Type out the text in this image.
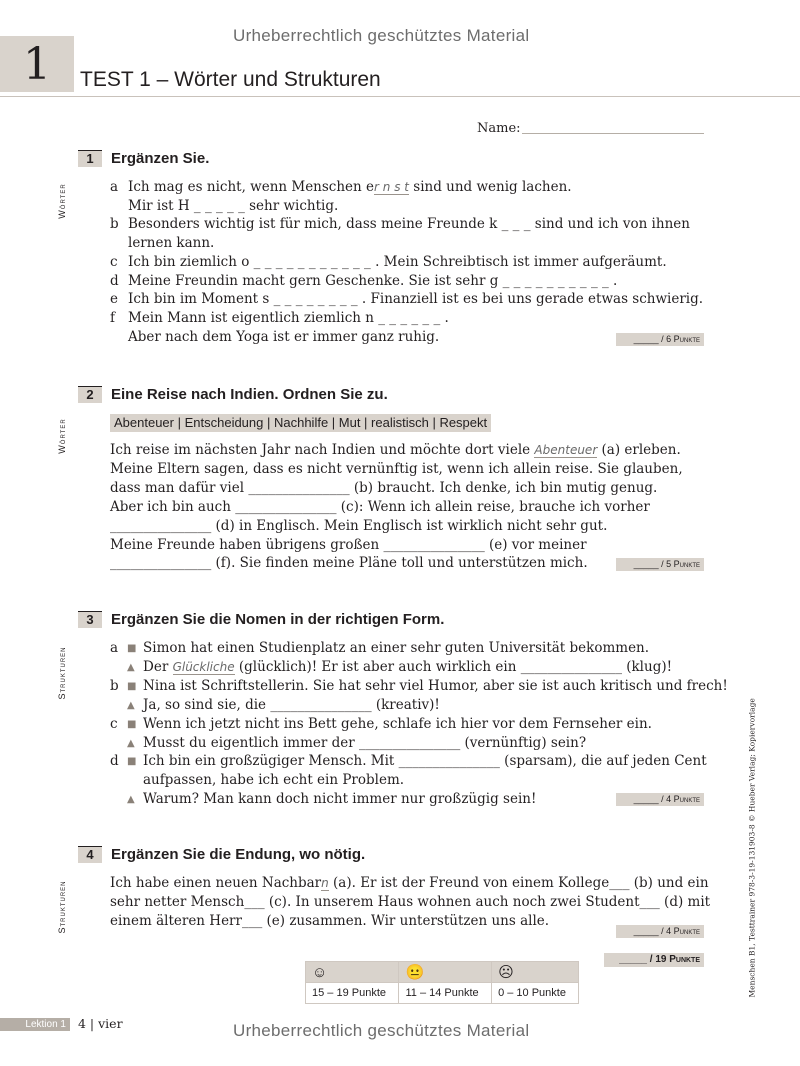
Urheberrechtlich geschütztes Material
1	TEST 1 – Wörter und Strukturen
Name:
Wörter
Wörter
Strukturen
Strukturen
1	Ergänzen Sie.
a Ich mag es nicht, wenn Menschen er n s t sind und wenig lachen.
Mir ist H _ _ _ _ _ sehr wichtig.
b Besonders wichtig ist für mich, dass meine Freunde k _ _ _ sind und ich von ihnen
lernen kann.
c Ich bin ziemlich o _ _ _ _ _ _ _ _ _ _ _ . Mein Schreibtisch ist immer aufgeräumt.
d Meine Freundin macht gern Geschenke. Sie ist sehr g _ _ _ _ _ _ _ _ _ _ .
e Ich bin im Moment s _ _ _ _ _ _ _ _ . Finanziell ist es bei uns gerade etwas schwierig.
f Mein Mann ist eigentlich ziemlich n _ _ _ _ _ _ .
Aber nach dem Yoga ist er immer ganz ruhig.	_____ / 6 Punkte
2	Eine Reise nach Indien. Ordnen Sie zu.
Abenteuer | Entscheidung | Nachhilfe | Mut | realistisch | Respekt
Ich reise im nächsten Jahr nach Indien und möchte dort viele Abenteuer (a) erleben.
Meine Eltern sagen, dass es nicht vernünftig ist, wenn ich allein reise. Sie glauben,
dass man dafür viel _______________ (b) braucht. Ich denke, ich bin mutig genug.
Aber ich bin auch _______________ (c): Wenn ich allein reise, brauche ich vorher
_______________ (d) in Englisch. Mein Englisch ist wirklich nicht sehr gut.
Meine Freunde haben übrigens großen _______________ (e) vor meiner
_______________ (f). Sie finden meine Pläne toll und unterstützen mich.	_____ / 5 Punkte
3	Ergänzen Sie die Nomen in der richtigen Form.
a ■ Simon hat einen Studienplatz an einer sehr guten Universität bekommen.
▲ Der Glückliche (glücklich)! Er ist aber auch wirklich ein _______________ (klug)!
b ■ Nina ist Schriftstellerin. Sie hat sehr viel Humor, aber sie ist auch kritisch und frech!
▲ Ja, so sind sie, die _______________ (kreativ)!
c ■ Wenn ich jetzt nicht ins Bett gehe, schlafe ich hier vor dem Fernseher ein.
▲ Musst du eigentlich immer der _______________ (vernünftig) sein?
d ■ Ich bin ein großzügiger Mensch. Mit _______________ (sparsam), die auf jeden Cent
aufpassen, habe ich echt ein Problem.
▲ Warum? Man kann doch nicht immer nur großzügig sein!	_____ / 4 Punkte
4	Ergänzen Sie die Endung, wo nötig.
Ich habe einen neuen Nachbarn (a). Er ist der Freund von einem Kollege___ (b) und ein
sehr netter Mensch___ (c). In unserem Haus wohnen auch noch zwei Student___ (d) mit
einem älteren Herr___ (e) zusammen. Wir unterstützen uns alle.
_____ / 4 Punkte
_____ / 19 Punkte
☺	😐	☹
15 – 19 Punkte	11 – 14 Punkte	0 – 10 Punkte	Menschen B1, Testtrainer 978-3-19-131903-8 © Hueber Verlag; Kopiervorlage
Lektion 1 4 | vier	Urheberrechtlich geschütztes Material
